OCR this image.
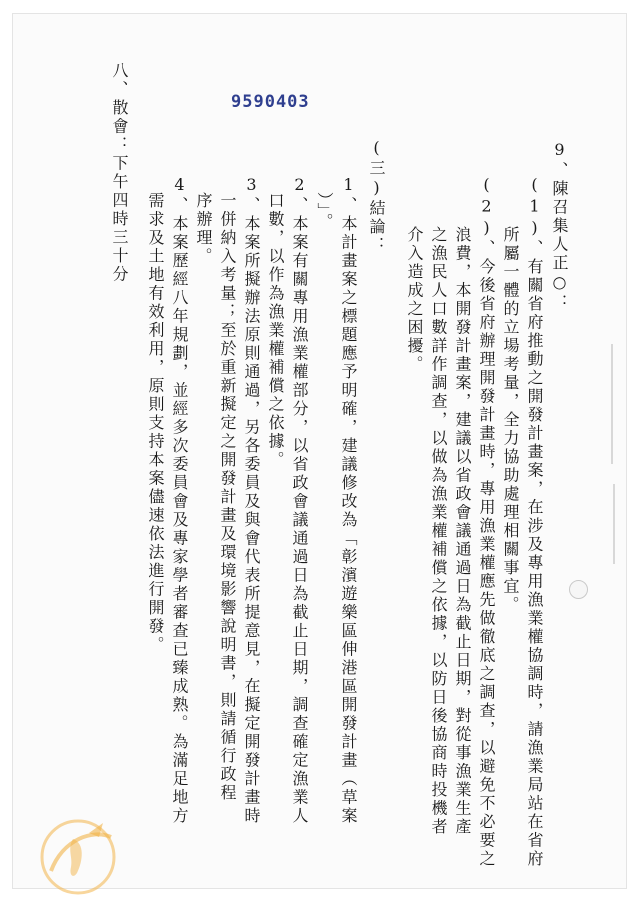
9590403
9、陳召集人正○：
(1)、有關省府推動之開發計畫案，在涉及專用漁業權協調時，請漁業局站在省府
所屬一體的立場考量，全力協助處理相關事宜。
(2)、今後省府辦理開發計畫時，專用漁業權應先做徹底之調查，以避免不必要之
浪費，本開發計畫案，建議以省政會議通過日為截止日期，對從事漁業生產
之漁民人口數詳作調查，以做為漁業權補償之依據，以防日後協商時投機者
介入造成之困擾。
(三)結論：
1、本計畫案之標題應予明確，建議修改為「彰濱遊樂區伸港區開發計畫（草案
）」。
2、本案有關專用漁業權部分，以省政會議通過日為截止日期，調查確定漁業人
口數，以作為漁業權補償之依據。
3、本案所擬辦法原則通過，另各委員及與會代表所提意見，在擬定開發計畫時
一併納入考量；至於重新擬定之開發計畫及環境影響說明書，則請循行政程
序辦理。
4、本案歷經八年規劃，並經多次委員會及專家學者審查已臻成熟。為滿足地方
需求及土地有效利用，原則支持本案儘速依法進行開發。
八、散會：下午四時三十分
